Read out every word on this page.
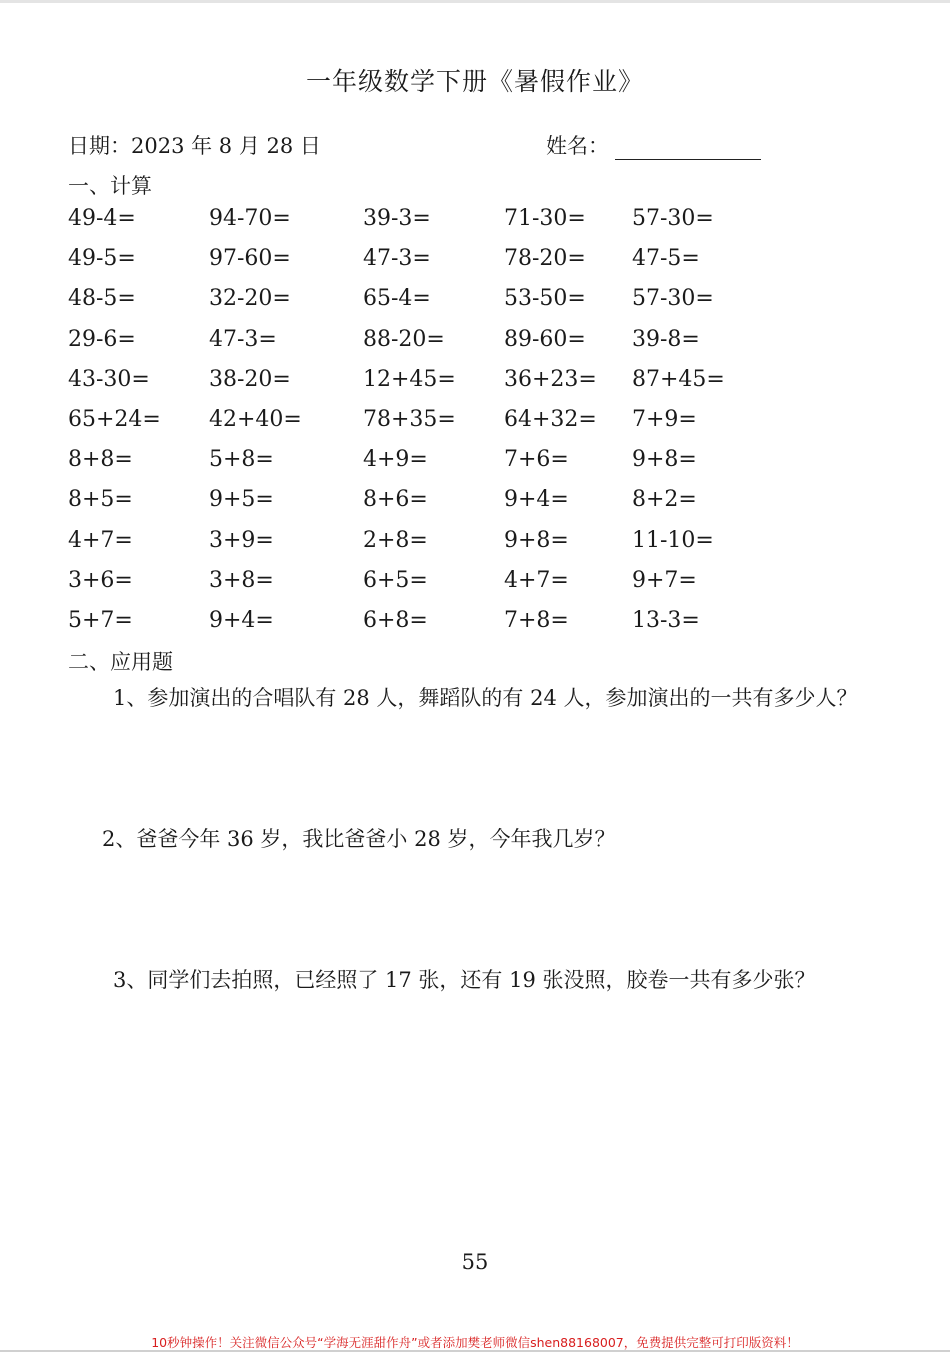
一年级数学下册《暑假作业》
日期：2023 年 8 月 28 日	姓名：
一、计算
49-4=	94-70=	39-3=	71-30= 57-30=
49-5=	97-60=	47-3=	78-20= 47-5=
48-5=	32-20=	65-4=	53-50= 57-30=
29-6=	47-3=	88-20=	89-60= 39-8=
43-30=	38-20=	12+45= 36+23= 87+45=
65+24= 42+40=	78+35= 64+32= 7+9=
8+8=	5+8=	4+9=	7+6=	9+8=
8+5=	9+5=	8+6=	9+4=	8+2=
4+7=	3+9=	2+8=	9+8=	11-10=
3+6=	3+8=	6+5=	4+7=	9+7=
5+7=	9+4=	6+8=	7+8=	13-3=
二、应用题
1、参加演出的合唱队有 28 人，舞蹈队的有 24 人，参加演出的一共有多少人？
2、爸爸今年 36 岁，我比爸爸小 28 岁，今年我几岁？
3、同学们去拍照，已经照了 17 张，还有 19 张没照，胶卷一共有多少张？
55
10秒钟操作！关注微信公众号“学海无涯甜作舟”或者添加樊老师微信shen88168007，免费提供完整可打印版资料！
